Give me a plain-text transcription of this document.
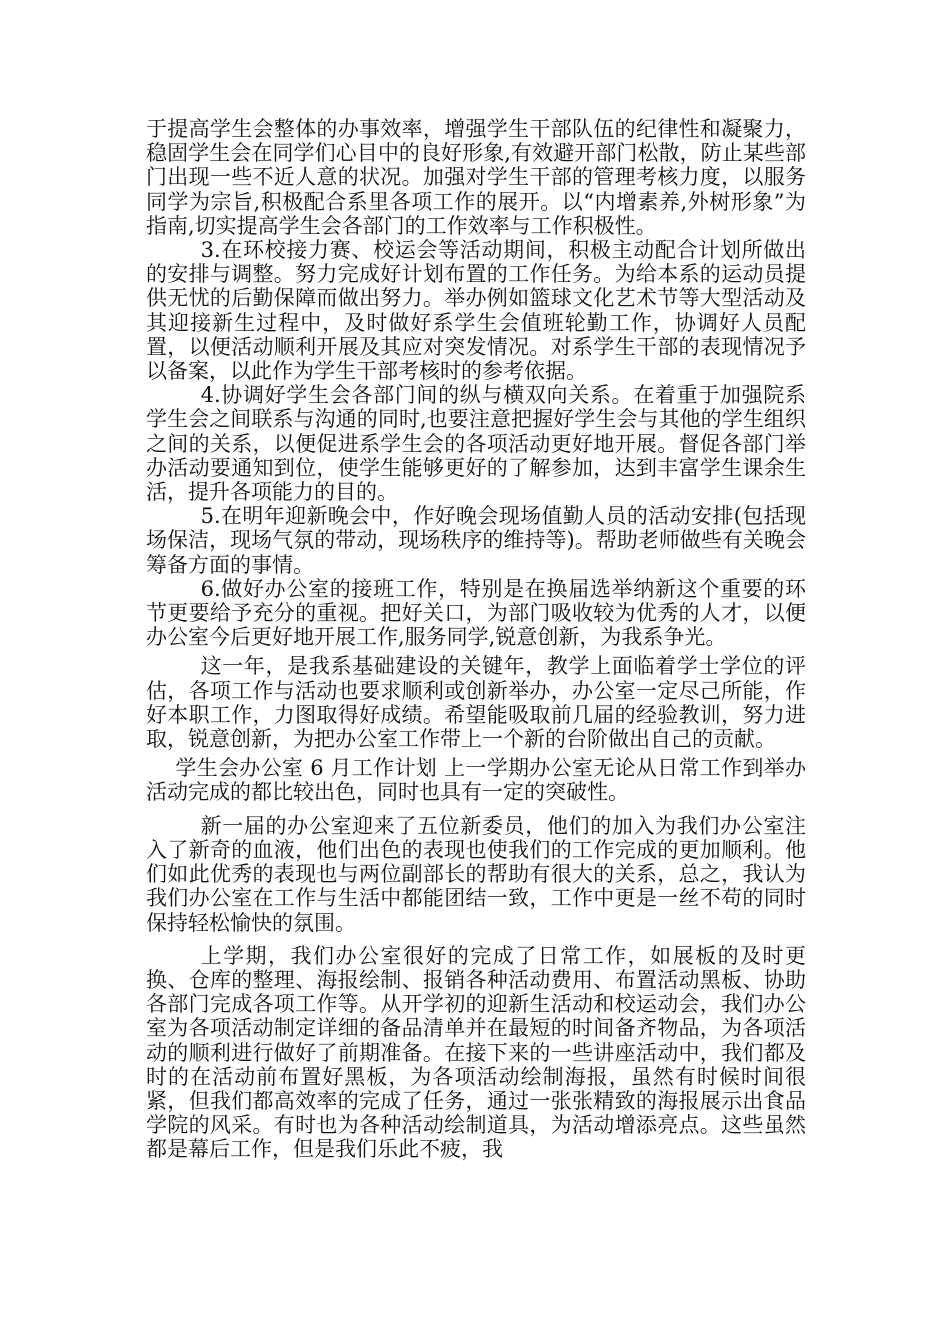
于提高学生会整体的办事效率，增强学生干部队伍的纪律性和凝聚力，稳固学生会在同学们心目中的良好形象,有效避开部门松散，防止某些部门出现一些不近人意的状况。加强对学生干部的管理考核力度，以服务同学为宗旨,积极配合系里各项工作的展开。以“内增素养,外树形象”为指南,切实提高学生会各部门的工作效率与工作积极性。

3.在环校接力赛、校运会等活动期间，积极主动配合计划所做出的安排与调整。努力完成好计划布置的工作任务。为给本系的运动员提供无忧的后勤保障而做出努力。举办例如篮球文化艺术节等大型活动及其迎接新生过程中，及时做好系学生会值班轮勤工作，协调好人员配置，以便活动顺利开展及其应对突发情况。对系学生干部的表现情况予以备案，以此作为学生干部考核时的参考依据。

4.协调好学生会各部门间的纵与横双向关系。在着重于加强院系学生会之间联系与沟通的同时,也要注意把握好学生会与其他的学生组织之间的关系，以便促进系学生会的各项活动更好地开展。督促各部门举办活动要通知到位，使学生能够更好的了解参加，达到丰富学生课余生活，提升各项能力的目的。

5.在明年迎新晚会中，作好晚会现场值勤人员的活动安排(包括现场保洁，现场气氛的带动，现场秩序的维持等)。帮助老师做些有关晚会筹备方面的事情。

6.做好办公室的接班工作，特别是在换届选举纳新这个重要的环节更要给予充分的重视。把好关口，为部门吸收较为优秀的人才，以便办公室今后更好地开展工作,服务同学,锐意创新，为我系争光。

这一年，是我系基础建设的关键年，教学上面临着学士学位的评估，各项工作与活动也要求顺利或创新举办，办公室一定尽己所能，作好本职工作，力图取得好成绩。希望能吸取前几届的经验教训，努力进取，锐意创新，为把办公室工作带上一个新的台阶做出自己的贡献。

学生会办公室 6 月工作计划 上一学期办公室无论从日常工作到举办活动完成的都比较出色，同时也具有一定的突破性。

新一届的办公室迎来了五位新委员，他们的加入为我们办公室注入了新奇的血液，他们出色的表现也使我们的工作完成的更加顺利。他们如此优秀的表现也与两位副部长的帮助有很大的关系，总之，我认为我们办公室在工作与生活中都能团结一致，工作中更是一丝不苟的同时保持轻松愉快的氛围。

上学期，我们办公室很好的完成了日常工作，如展板的及时更换、仓库的整理、海报绘制、报销各种活动费用、布置活动黑板、协助各部门完成各项工作等。从开学初的迎新生活动和校运动会，我们办公室为各项活动制定详细的备品清单并在最短的时间备齐物品，为各项活动的顺利进行做好了前期准备。在接下来的一些讲座活动中，我们都及时的在活动前布置好黑板，为各项活动绘制海报，虽然有时候时间很紧，但我们都高效率的完成了任务，通过一张张精致的海报展示出食品学院的风采。有时也为各种活动绘制道具，为活动增添亮点。这些虽然都是幕后工作，但是我们乐此不疲，我
